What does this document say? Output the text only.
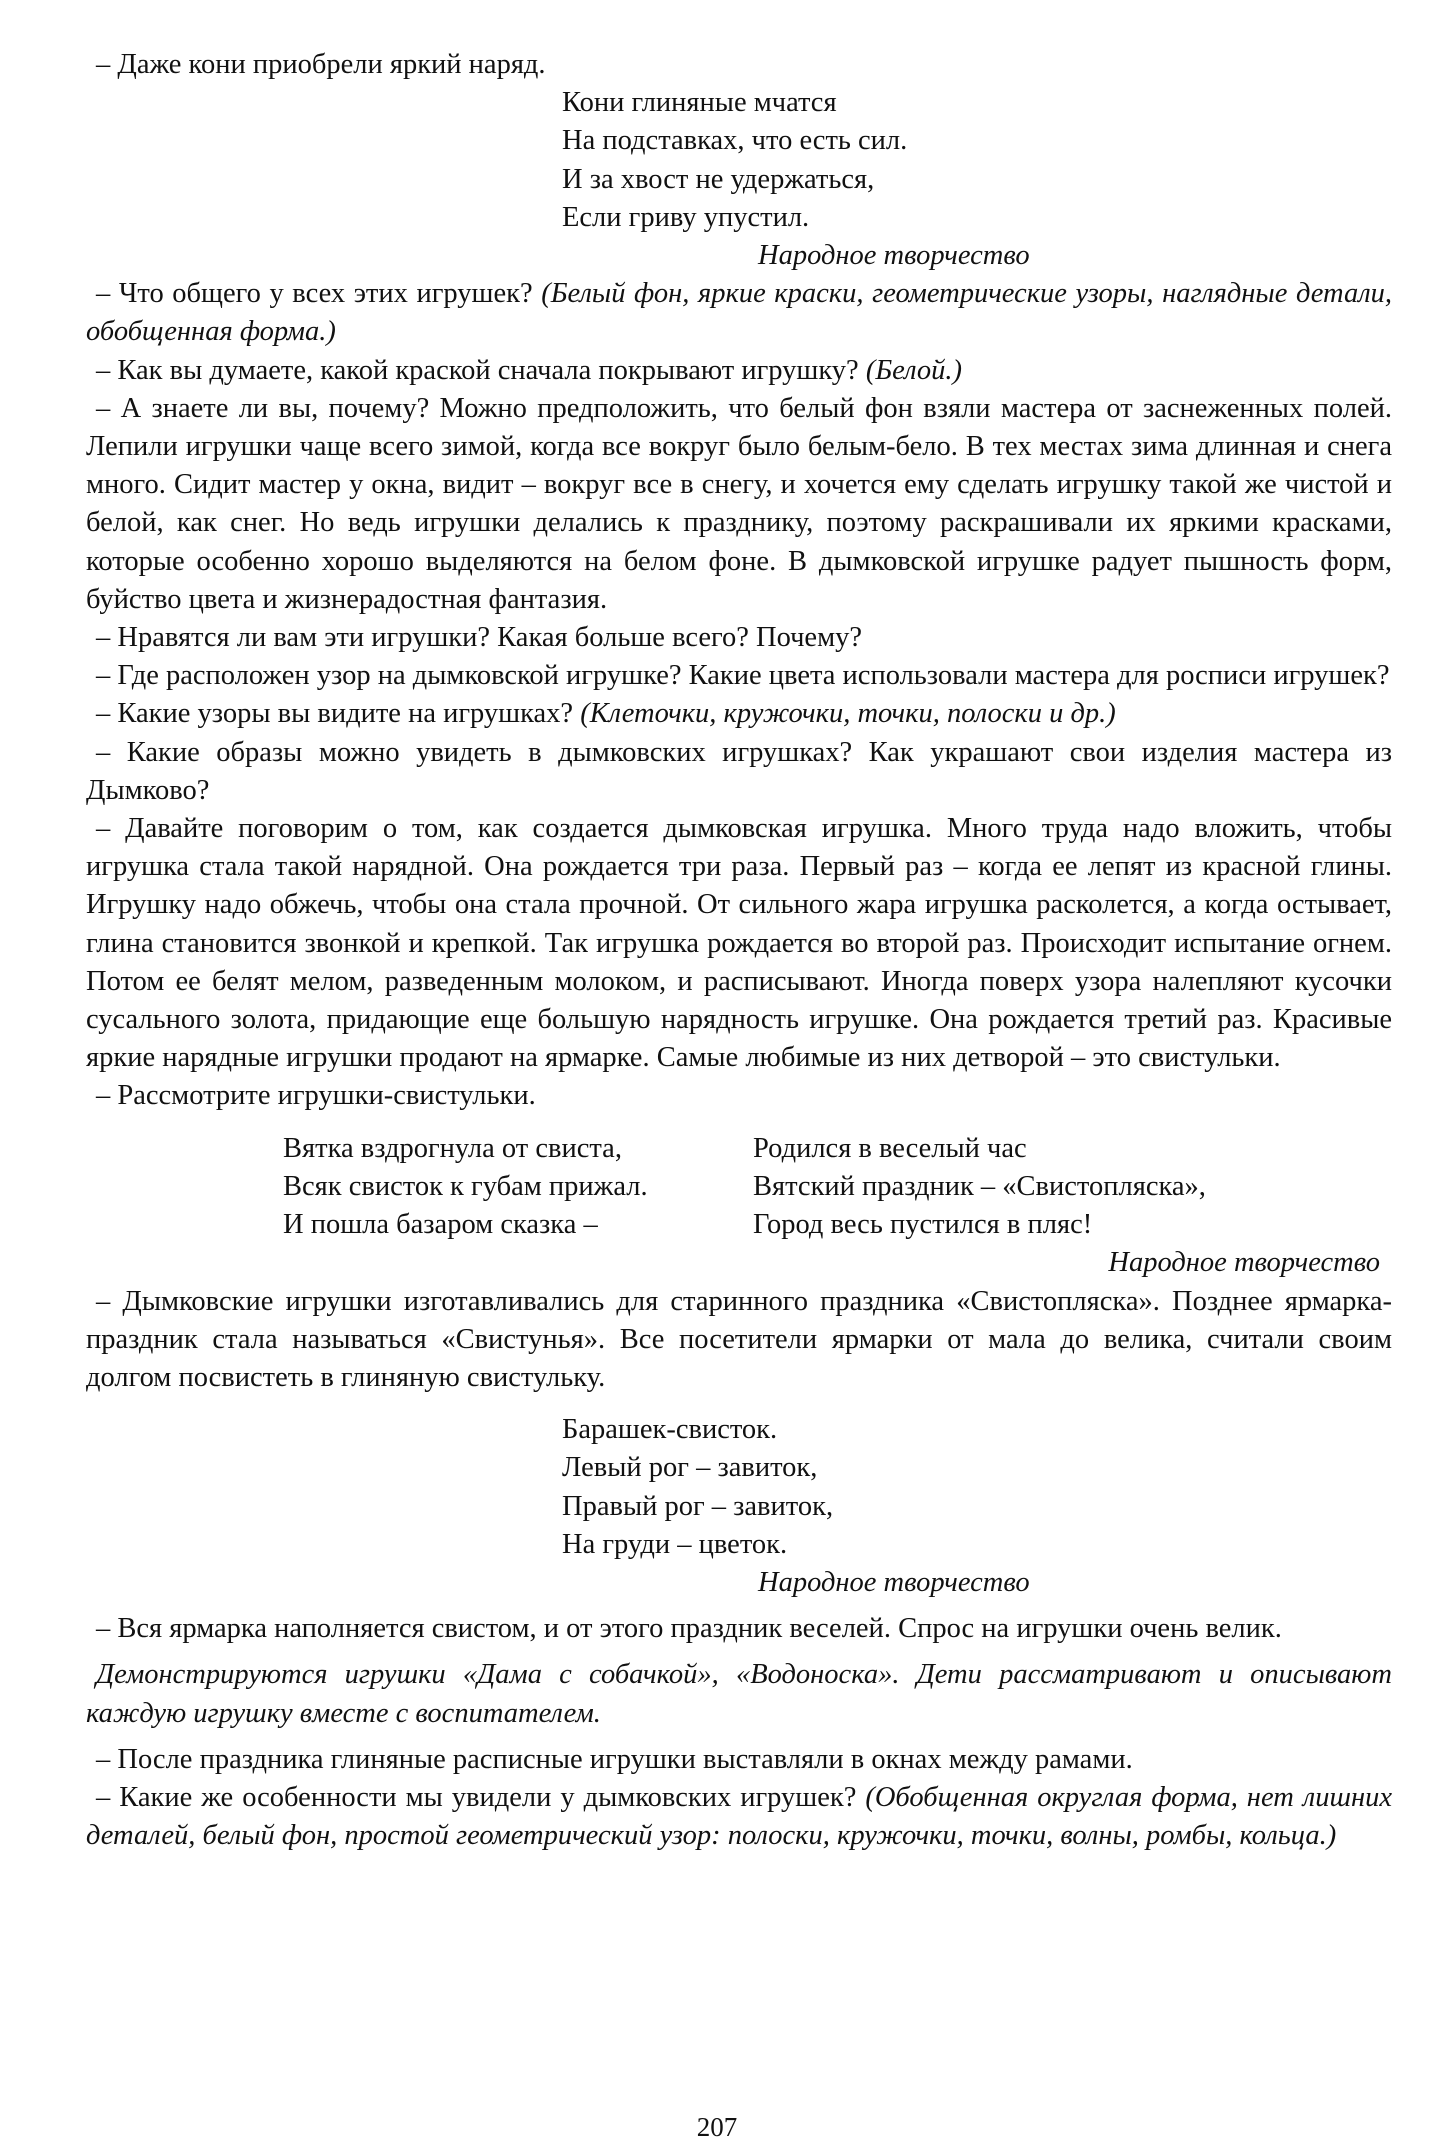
– Даже кони приобрели яркий наряд.

Кони глиняные мчатся
На подставках, что есть сил.
И за хвост не удержаться,
Если гриву упустил.

Народное творчество

– Что общего у всех этих игрушек? (Белый фон, яркие краски, геометрические узоры, наглядные детали, обобщенная форма.)

– Как вы думаете, какой краской сначала покрывают игрушку? (Белой.)

– А знаете ли вы, почему? Можно предположить, что белый фон взяли мастера от заснеженных полей. Лепили игрушки чаще всего зимой, когда все вокруг было белым-бело. В тех местах зима длинная и снега много. Сидит мастер у окна, видит – вокруг все в снегу, и хочется ему сделать игрушку такой же чистой и белой, как снег. Но ведь игрушки делались к празднику, поэтому раскрашивали их яркими красками, которые особенно хорошо выделяются на белом фоне. В дымковской игрушке радует пышность форм, буйство цвета и жизнерадостная фантазия.

– Нравятся ли вам эти игрушки? Какая больше всего? Почему?

– Где расположен узор на дымковской игрушке? Какие цвета использовали мастера для росписи игрушек?

– Какие узоры вы видите на игрушках? (Клеточки, кружочки, точки, полоски и др.)

– Какие образы можно увидеть в дымковских игрушках? Как украшают свои изделия мастера из Дымково?

– Давайте поговорим о том, как создается дымковская игрушка. Много труда надо вложить, чтобы игрушка стала такой нарядной. Она рождается три раза. Первый раз – когда ее лепят из красной глины. Игрушку надо обжечь, чтобы она стала прочной. От сильного жара игрушка расколется, а когда остывает, глина становится звонкой и крепкой. Так игрушка рождается во второй раз. Происходит испытание огнем. Потом ее белят мелом, разведенным молоком, и расписывают. Иногда поверх узора налепляют кусочки сусального золота, придающие еще большую нарядность игрушке. Она рождается третий раз. Красивые яркие нарядные игрушки продают на ярмарке. Самые любимые из них детворой – это свистульки.

– Рассмотрите игрушки-свистульки.

Вятка вздрогнула от свиста,
Всяк свисток к губам прижал.
И пошла базаром сказка –
Родился в веселый час
Вятский праздник – «Свистопляска»,
Город весь пустился в пляс!

Народное творчество

– Дымковские игрушки изготавливались для старинного праздника «Свистопляска». Позднее ярмарка-праздник стала называться «Свистунья». Все посетители ярмарки от мала до велика, считали своим долгом посвистеть в глиняную свистульку.

Барашек-свисток.
Левый рог – завиток,
Правый рог – завиток,
На груди – цветок.

Народное творчество

– Вся ярмарка наполняется свистом, и от этого праздник веселей. Спрос на игрушки очень велик.

Демонстрируются игрушки «Дама с собачкой», «Водоноска». Дети рассматривают и описывают каждую игрушку вместе с воспитателем.

– После праздника глиняные расписные игрушки выставляли в окнах между рамами.

– Какие же особенности мы увидели у дымковских игрушек? (Обобщенная округлая форма, нет лишних деталей, белый фон, простой геометрический узор: полоски, кружочки, точки, волны, ромбы, кольца.)

207
